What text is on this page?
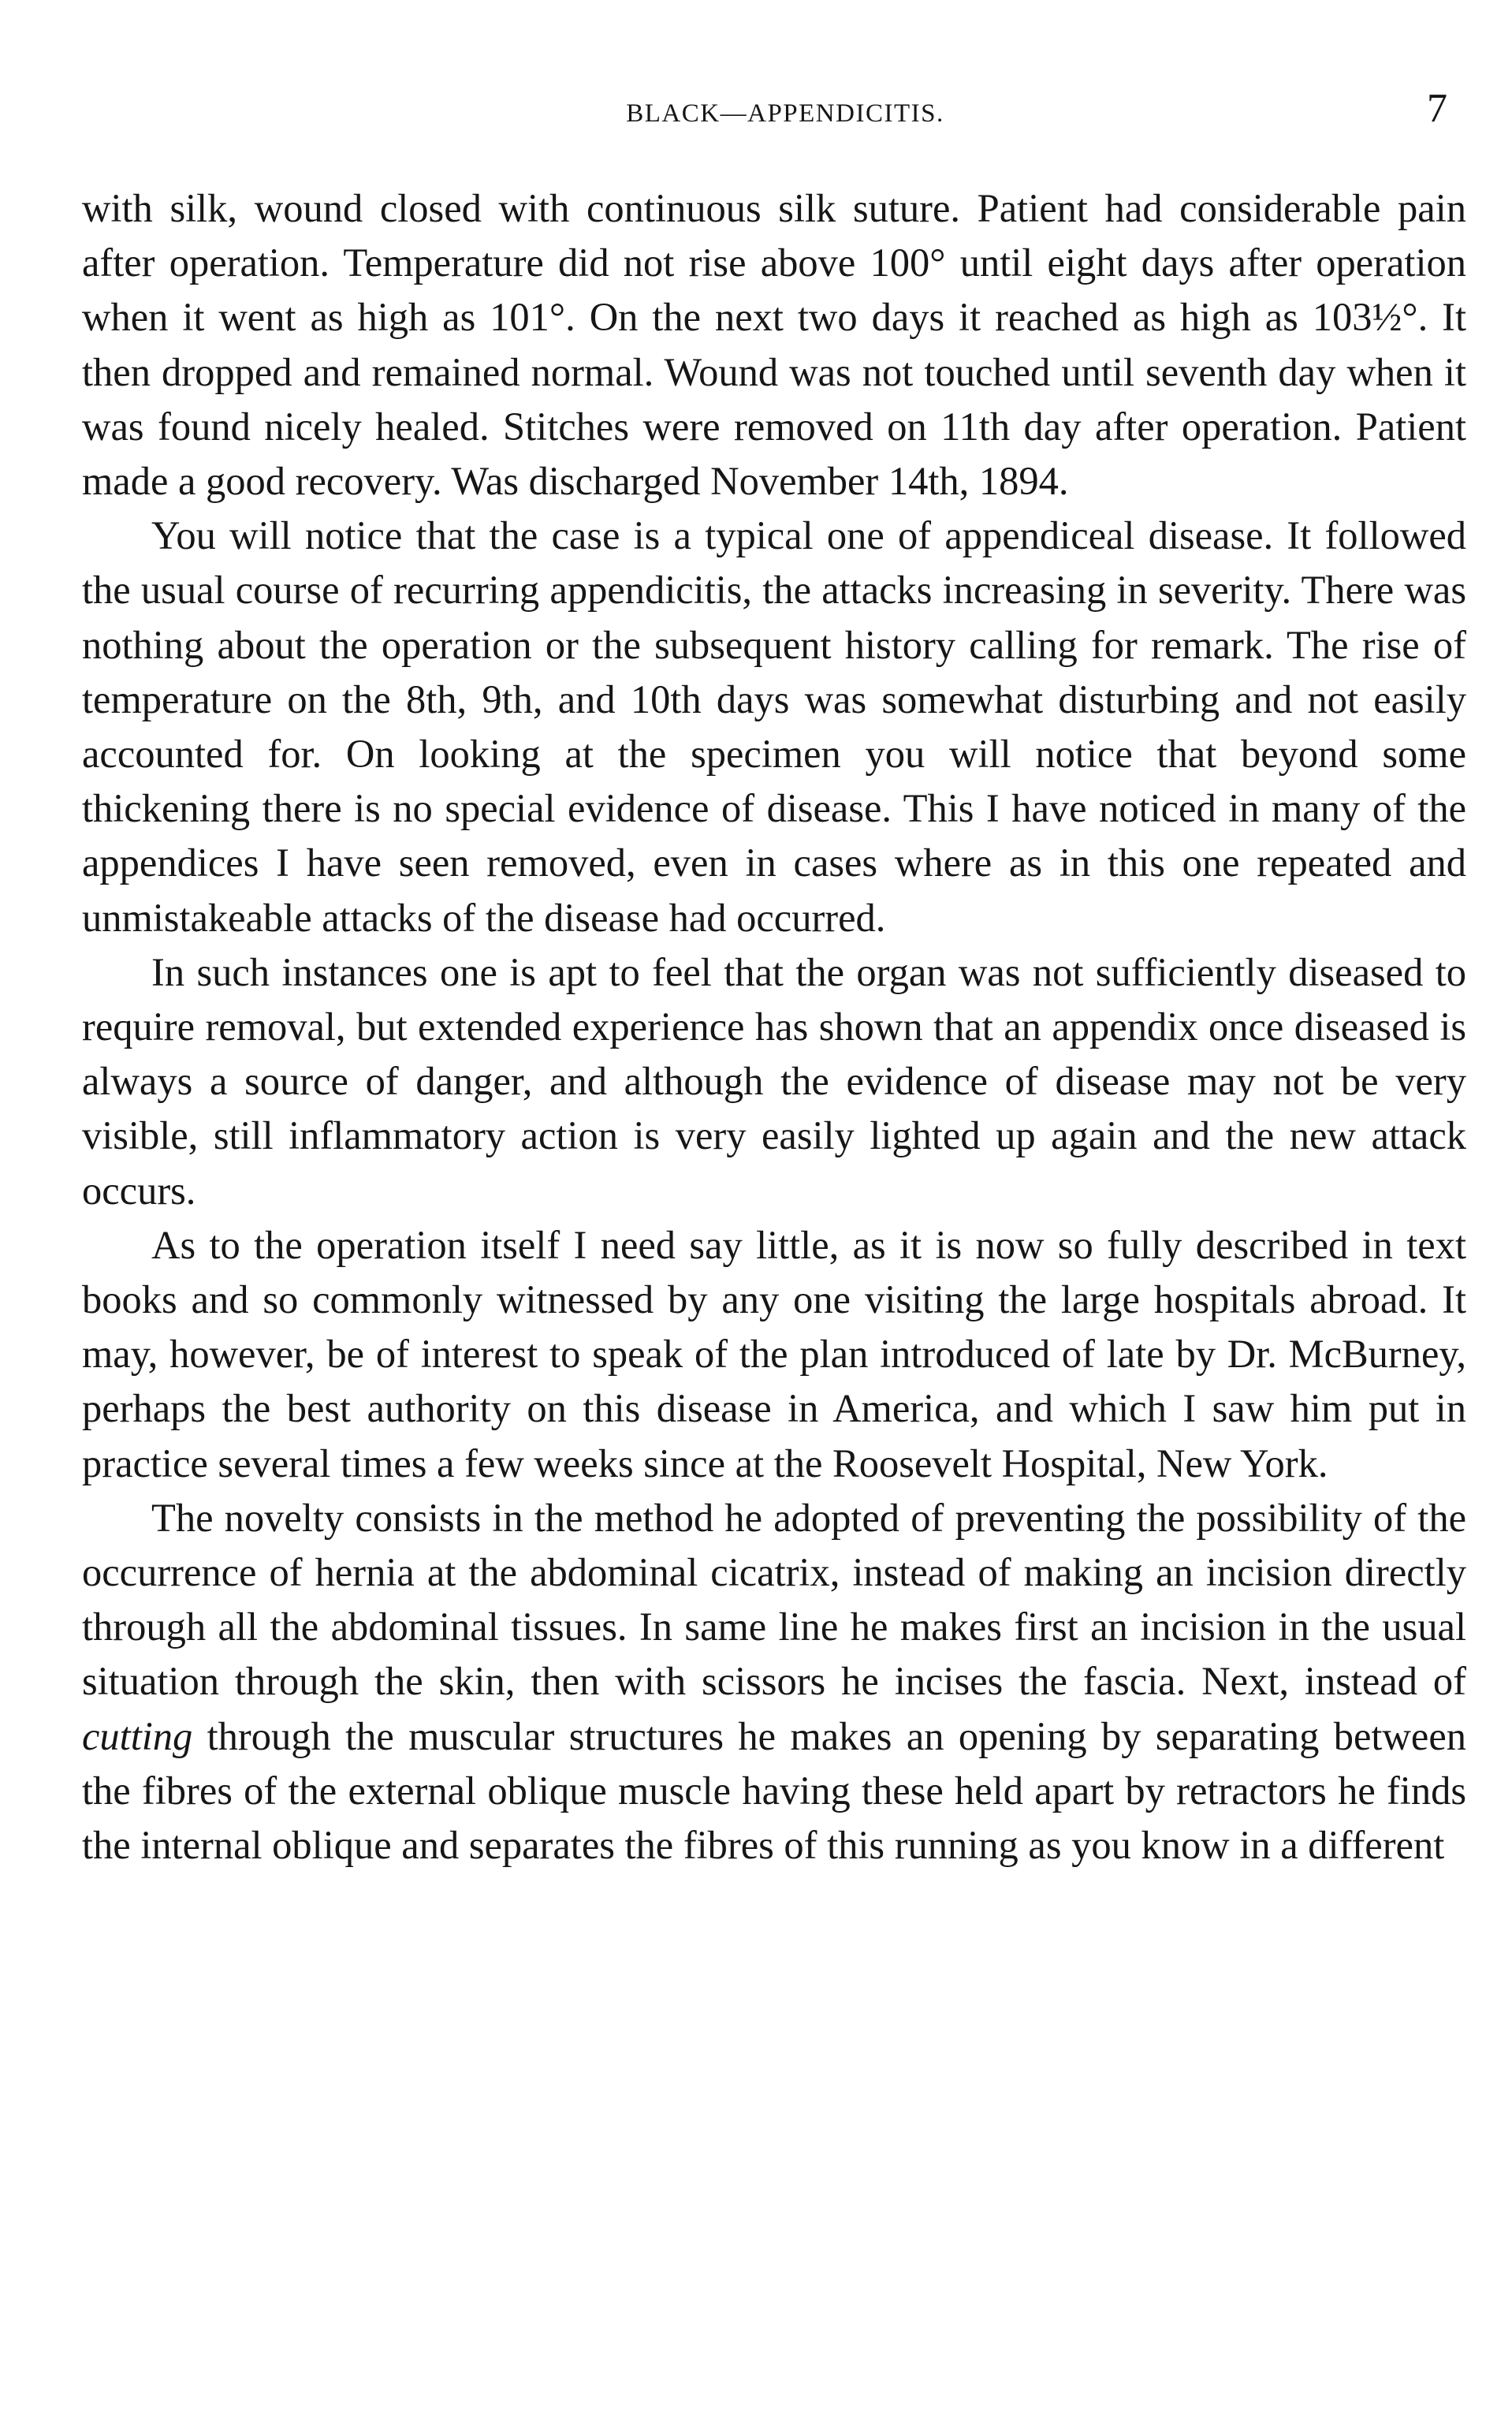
BLACK—APPENDICITIS.	7

with silk, wound closed with continuous silk suture. Patient had considerable pain after operation. Temperature did not rise above 100° until eight days after operation when it went as high as 101°. On the next two days it reached as high as 103½°. It then dropped and remained normal. Wound was not touched until seventh day when it was found nicely healed. Stitches were removed on 11th day after operation. Patient made a good recovery. Was discharged November 14th, 1894.

You will notice that the case is a typical one of appendiceal disease. It followed the usual course of recurring appendicitis, the attacks increasing in severity. There was nothing about the operation or the subsequent history calling for remark. The rise of temperature on the 8th, 9th, and 10th days was somewhat disturbing and not easily accounted for. On looking at the specimen you will notice that beyond some thickening there is no special evidence of disease. This I have noticed in many of the appendices I have seen removed, even in cases where as in this one repeated and unmistakeable attacks of the disease had occurred.

In such instances one is apt to feel that the organ was not sufficiently diseased to require removal, but extended experience has shown that an appendix once diseased is always a source of danger, and although the evidence of disease may not be very visible, still inflammatory action is very easily lighted up again and the new attack occurs.

As to the operation itself I need say little, as it is now so fully described in text books and so commonly witnessed by any one visiting the large hospitals abroad. It may, however, be of interest to speak of the plan introduced of late by Dr. McBurney, perhaps the best authority on this disease in America, and which I saw him put in practice several times a few weeks since at the Roosevelt Hospital, New York.

The novelty consists in the method he adopted of preventing the possibility of the occurrence of hernia at the abdominal cicatrix, instead of making an incision directly through all the abdominal tissues. In same line he makes first an incision in the usual situation through the skin, then with scissors he incises the fascia. Next, instead of cutting through the muscular structures he makes an opening by separating between the fibres of the external oblique muscle having these held apart by retractors he finds the internal oblique and separates the fibres of this running as you know in a different
